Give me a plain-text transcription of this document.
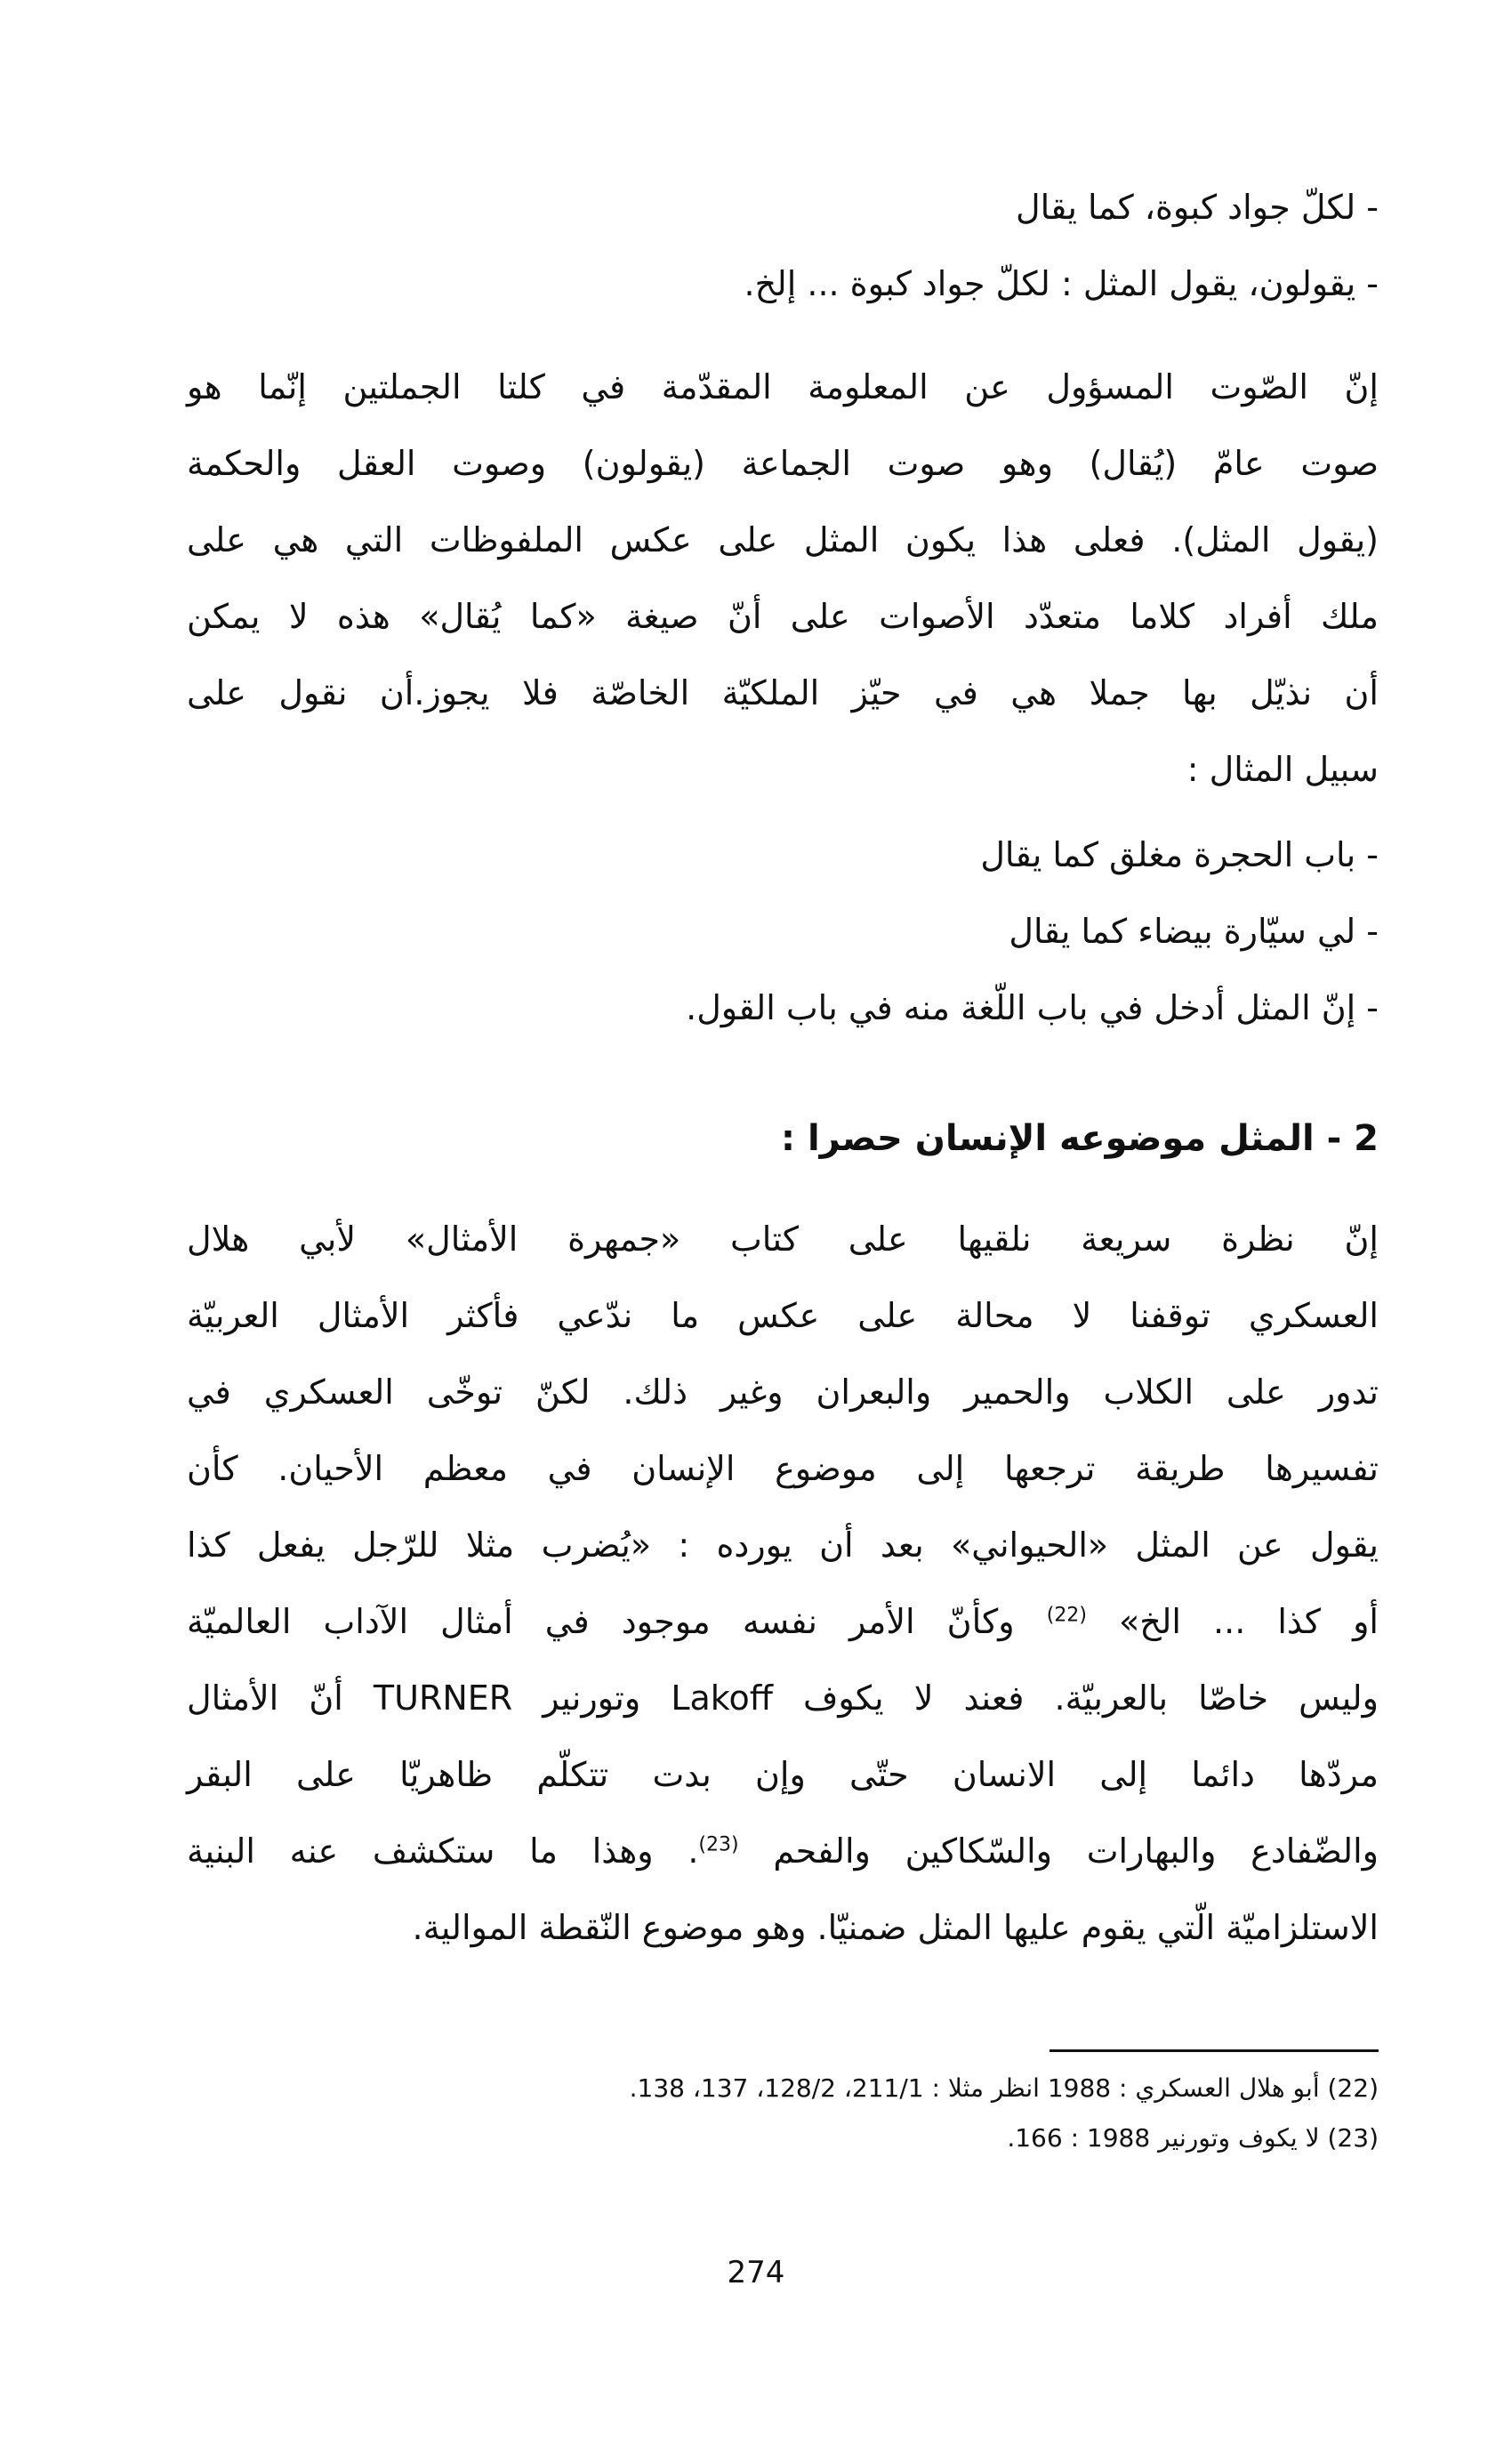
- لكلّ جواد كبوة، كما يقال
- يقولون، يقول المثل : لكلّ جواد كبوة ... إلخ.
إنّ الصّوت المسؤول عن المعلومة المقدّمة في كلتا الجملتين إنّما هو
صوت عامّ (يُقال) وهو صوت الجماعة (يقولون) وصوت العقل والحكمة
(يقول المثل). فعلى هذا يكون المثل على عكس الملفوظات التي هي على
ملك أفراد كلاما متعدّد الأصوات على أنّ صيغة «كما يُقال» هذه لا يمكن
أن نذيّل بها جملا هي في حيّز الملكيّة الخاصّة فلا يجوز.أن نقول على
سبيل المثال :
- باب الحجرة مغلق كما يقال
- لي سيّارة بيضاء كما يقال
- إنّ المثل أدخل في باب اللّغة منه في باب القول.
2 - المثل موضوعه الإنسان حصرا :
إنّ نظرة سريعة نلقيها على كتاب «جمهرة الأمثال» لأبي هلال
العسكري توقفنا لا محالة على عكس ما ندّعي فأكثر الأمثال العربيّة
تدور على الكلاب والحمير والبعران وغير ذلك. لكنّ توخّى العسكري في
تفسيرها طريقة ترجعها إلى موضوع الإنسان في معظم الأحيان. كأن
يقول عن المثل «الحيواني» بعد أن يورده : «يُضرب مثلا للرّجل يفعل كذا
أو كذا ... الخ» $^{(22)}$ وكأنّ الأمر نفسه موجود في أمثال الآداب العالميّة
وليس خاصّا بالعربيّة. فعند لا يكوف Lakoff وتورنير TURNER أنّ الأمثال
مردّها دائما إلى الانسان حتّى وإن بدت تتكلّم ظاهريّا على البقر
والضّفادع والبهارات والسّكاكين والفحم $^{(23)}$. وهذا ما ستكشف عنه البنية
الاستلزاميّة الّتي يقوم عليها المثل ضمنيّا. وهو موضوع النّقطة الموالية.
(22) أبو هلال العسكري : 1988 انظر مثلا : 211/1، 128/2، 137، 138.
(23) لا يكوف وتورنير 1988 : 166.
274
